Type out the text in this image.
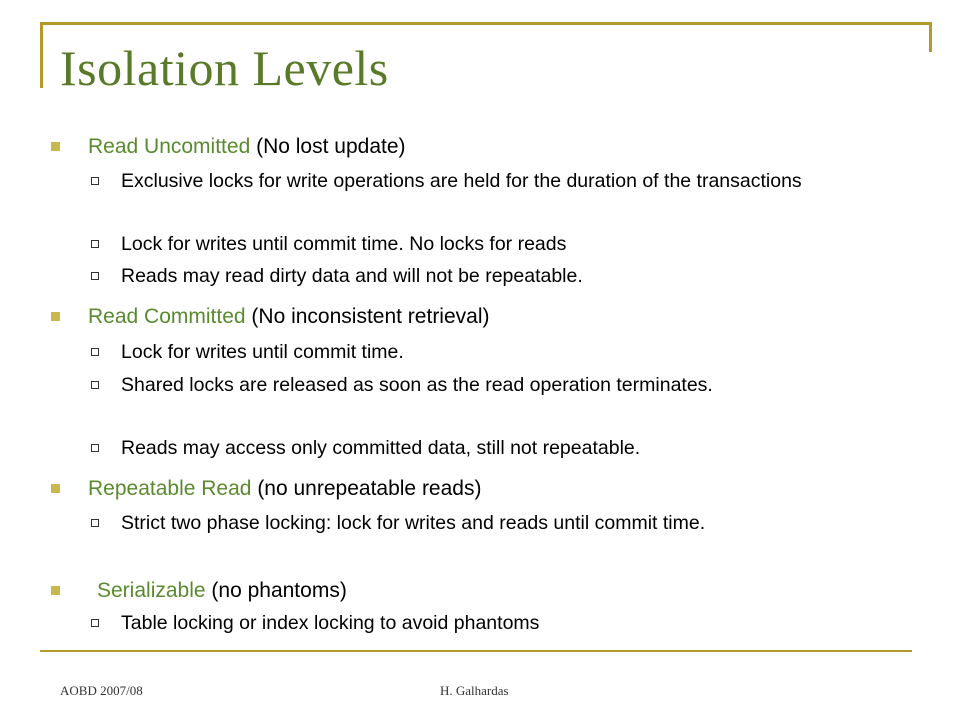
Isolation Levels
Read Uncomitted (No lost update)
Exclusive locks for write operations are held for the duration of the transactions
Lock for writes until commit time. No locks for reads
Reads may read dirty data and will not be repeatable.
Read Committed (No inconsistent retrieval)
Lock for writes until commit time.
Shared locks are released as soon as the read operation terminates.
Reads may access only committed data, still not repeatable.
Repeatable Read (no unrepeatable reads)
Strict two phase locking: lock for writes and reads until commit time.
Serializable (no phantoms)
Table locking or index locking to avoid phantoms
AOBD 2007/08	H. Galhardas
